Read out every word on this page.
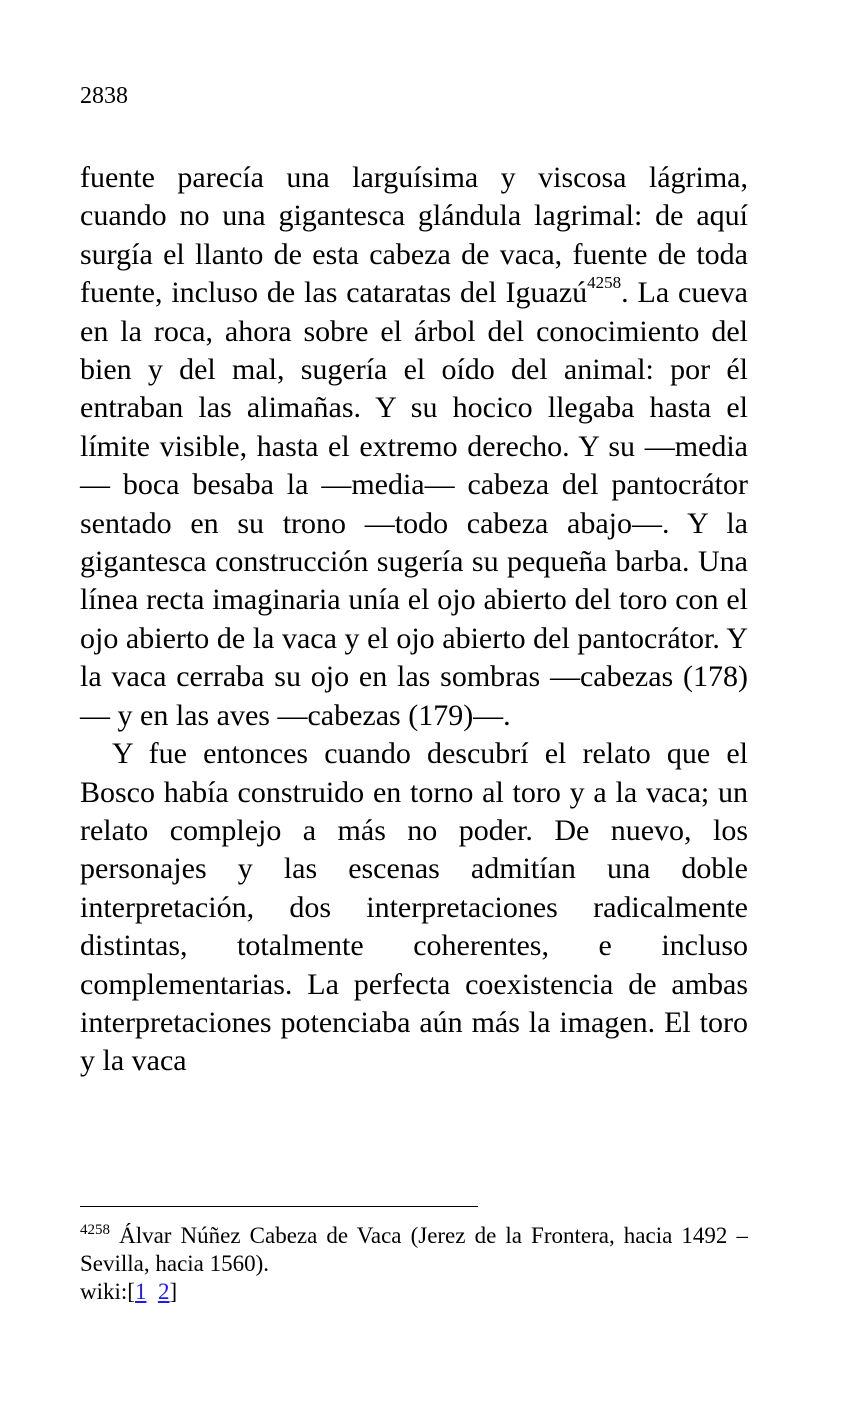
2838

fuente parecía una larguísima y viscosa lágrima, cuando no una gigantesca glándula lagrimal: de aquí surgía el llanto de esta cabeza de vaca, fuente de toda fuente, incluso de las cataratas del Iguazú$^{4258}$. La cueva en la roca, ahora sobre el árbol del conocimiento del bien y del mal, sugería el oído del animal: por él entraban las alimañas. Y su hocico llegaba hasta el límite visible, hasta el extremo derecho. Y su —media— boca besaba la —media— cabeza del pantocrátor sentado en su trono —todo cabeza abajo—. Y la gigantesca construcción sugería su pequeña barba. Una línea recta imaginaria unía el ojo abierto del toro con el ojo abierto de la vaca y el ojo abierto del pantocrátor. Y la vaca cerraba su ojo en las sombras —cabezas (178)— y en las aves —cabezas (179)—.

Y fue entonces cuando descubrí el relato que el Bosco había construido en torno al toro y a la vaca; un relato complejo a más no poder. De nuevo, los personajes y las escenas admitían una doble interpretación, dos interpretaciones radicalmente distintas, totalmente coherentes, e incluso complementarias. La perfecta coexistencia de ambas interpretaciones potenciaba aún más la imagen. El toro y la vaca

$^{4258}$ Álvar Núñez Cabeza de Vaca (Jerez de la Frontera, hacia 1492 – Sevilla, hacia 1560).

wiki:[1 2]
